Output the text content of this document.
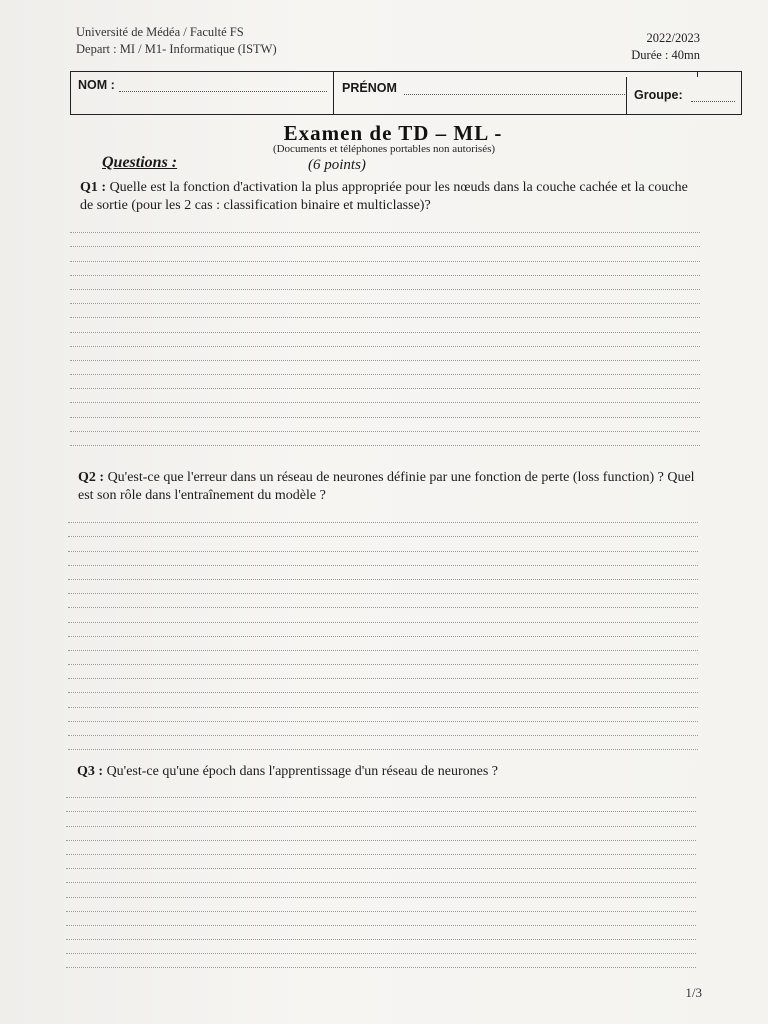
Université de Médéa / Faculté FS
Depart : MI / M1- Informatique (ISTW)
2022/2023
Durée : 40mn
NOM :	PRÉNOM	Groupe:
Examen de TD – ML -
(Documents et téléphones portables non autorisés)
Questions :	(6 points)
Q1 : Quelle est la fonction d'activation la plus appropriée pour les nœuds dans la couche cachée et la couche de sortie (pour les 2 cas : classification binaire et multiclasse)?
Q2 : Qu'est-ce que l'erreur dans un réseau de neurones définie par une fonction de perte (loss function) ? Quel est son rôle dans l'entraînement du modèle ?
Q3 : Qu'est-ce qu'une époch dans l'apprentissage d'un réseau de neurones ?
1/3
